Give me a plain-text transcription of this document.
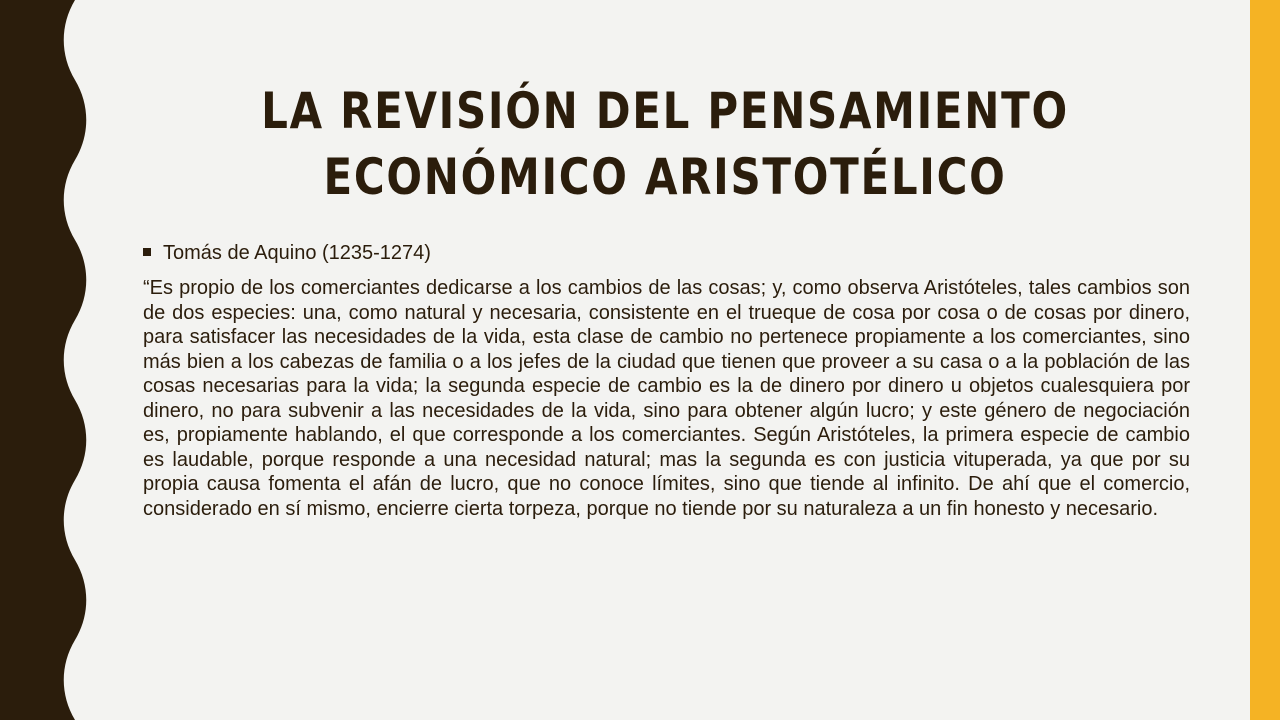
LA REVISIÓN DEL PENSAMIENTO ECONÓMICO ARISTOTÉLICO
Tomás de Aquino (1235-1274)

“Es propio de los comerciantes dedicarse a los cambios de las cosas; y, como observa Aristóteles, tales cambios son de dos especies: una, como natural y necesaria, consistente en el trueque de cosa por cosa o de cosas por dinero, para satisfacer las necesidades de la vida, esta clase de cambio no pertenece propiamente a los comerciantes, sino más bien a los cabezas de familia o a los jefes de la ciudad que tienen que proveer a su casa o a la población de las cosas necesarias para la vida; la segunda especie de cambio es la de dinero por dinero u objetos cualesquiera por dinero, no para subvenir a las necesidades de la vida, sino para obtener algún lucro; y este género de negociación es, propiamente hablando, el que corresponde a los comerciantes. Según Aristóteles, la primera especie de cambio es laudable, porque responde a una necesidad natural; mas la segunda es con justicia vituperada, ya que por su propia causa fomenta el afán de lucro, que no conoce límites, sino que tiende al infinito. De ahí que el comercio, considerado en sí mismo, encierre cierta torpeza, porque no tiende por su naturaleza a un fin honesto y necesario.
